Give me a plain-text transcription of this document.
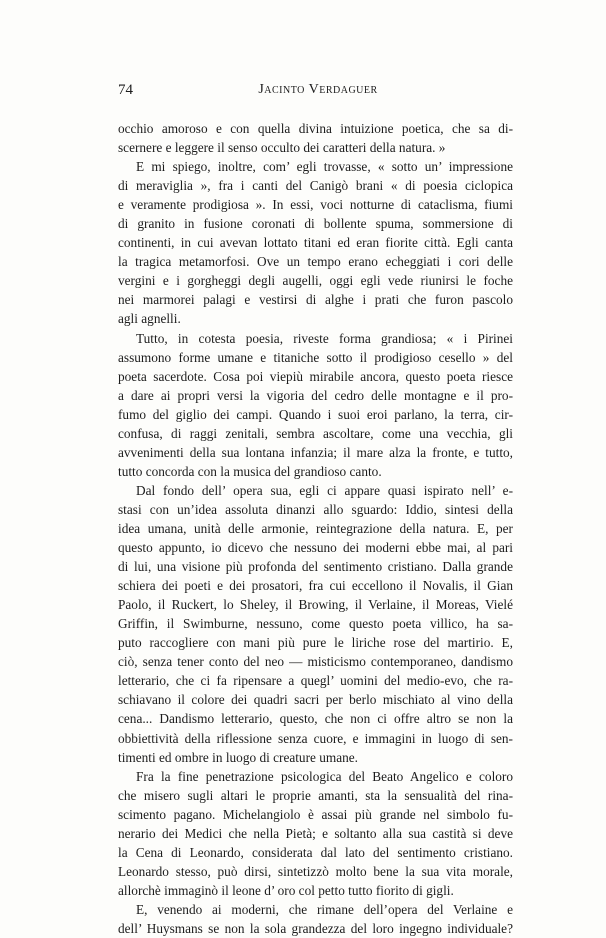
74	Jacinto Verdaguer
occhio amoroso e con quella divina intuizione poetica, che sa di-
scernere e leggere il senso occulto dei caratteri della natura. »
E mi spiego, inoltre, com’ egli trovasse, « sotto un’ impressione
di meraviglia », fra i canti del Canigò brani « di poesia ciclopica
e veramente prodigiosa ». In essi, voci notturne di cataclisma, fiumi
di granito in fusione coronati di bollente spuma, sommersione di
continenti, in cui avevan lottato titani ed eran fiorite città. Egli canta
la tragica metamorfosi. Ove un tempo erano echeggiati i cori delle
vergini e i gorgheggi degli augelli, oggi egli vede riunirsi le foche
nei marmorei palagi e vestirsi di alghe i prati che furon pascolo
agli agnelli.
Tutto, in cotesta poesia, riveste forma grandiosa; « i Pirinei
assumono forme umane e titaniche sotto il prodigioso cesello » del
poeta sacerdote. Cosa poi viepiù mirabile ancora, questo poeta riesce
a dare ai propri versi la vigoria del cedro delle montagne e il pro-
fumo del giglio dei campi. Quando i suoi eroi parlano, la terra, cir-
confusa, di raggi zenitali, sembra ascoltare, come una vecchia, gli
avvenimenti della sua lontana infanzia; il mare alza la fronte, e tutto,
tutto concorda con la musica del grandioso canto.
Dal fondo dell’ opera sua, egli ci appare quasi ispirato nell’ e-
stasi con un’idea assoluta dinanzi allo sguardo: Iddio, sintesi della
idea umana, unità delle armonie, reintegrazione della natura. E, per
questo appunto, io dicevo che nessuno dei moderni ebbe mai, al pari
di lui, una visione più profonda del sentimento cristiano. Dalla grande
schiera dei poeti e dei prosatori, fra cui eccellono il Novalis, il Gian
Paolo, il Ruckert, lo Sheley, il Browing, il Verlaine, il Moreas, Vielé
Griffin, il Swimburne, nessuno, come questo poeta villico, ha sa-
puto raccogliere con mani più pure le liriche rose del martirio. E,
ciò, senza tener conto del neo — misticismo contemporaneo, dandismo
letterario, che ci fa ripensare a quegl’ uomini del medio-evo, che ra-
schiavano il colore dei quadri sacri per berlo mischiato al vino della
cena... Dandismo letterario, questo, che non ci offre altro se non la
obbiettività della riflessione senza cuore, e immagini in luogo di sen-
timenti ed ombre in luogo di creature umane.
Fra la fine penetrazione psicologica del Beato Angelico e coloro
che misero sugli altari le proprie amanti, sta la sensualità del rina-
scimento pagano. Michelangiolo è assai più grande nel simbolo fu-
nerario dei Medici che nella Pietà; e soltanto alla sua castità si deve
la Cena di Leonardo, considerata dal lato del sentimento cristiano.
Leonardo stesso, può dirsi, sintetizzò molto bene la sua vita morale,
allorchè immaginò il leone d’ oro col petto tutto fiorito di gigli.
E, venendo ai moderni, che rimane dell’opera del Verlaine e
dell’ Huysmans se non la sola grandezza del loro ingegno individuale?
